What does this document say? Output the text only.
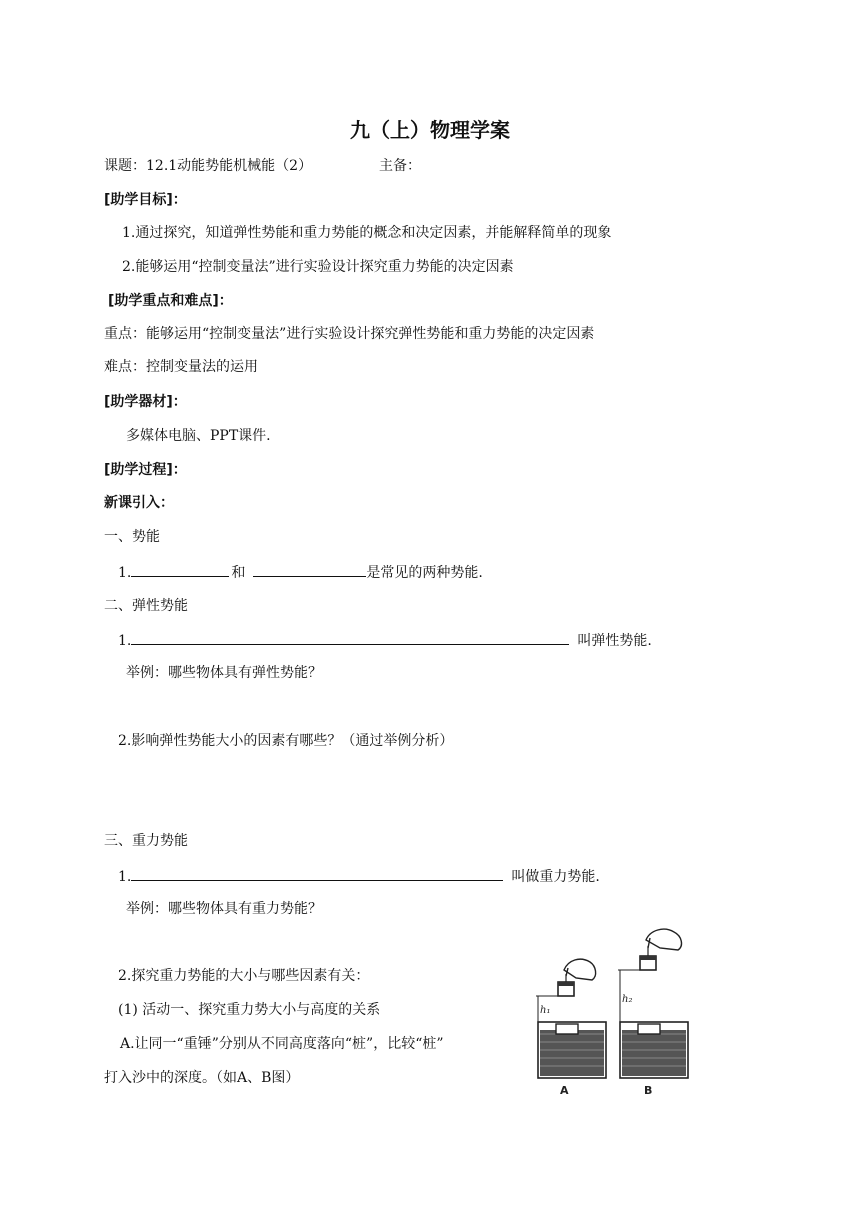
九（上）物理学案
课题：12.1动能势能机械能（2）	主备：
[助学目标]：
1.通过探究，知道弹性势能和重力势能的概念和决定因素，并能解释简单的现象
2.能够运用“控制变量法”进行实验设计探究重力势能的决定因素
[助学重点和难点]：
重点：能够运用“控制变量法”进行实验设计探究弹性势能和重力势能的决定因素
难点：控制变量法的运用
[助学器材]：
多媒体电脑、PPT课件.
[助学过程]：
新课引入：
一、势能
1.	和	是常见的两种势能.
二、弹性势能
1.	叫弹性势能.
举例：哪些物体具有弹性势能？
2.影响弹性势能大小的因素有哪些？（通过举例分析）
三、重力势能
1.	叫做重力势能.
举例：哪些物体具有重力势能？
2.探究重力势能的大小与哪些因素有关：
(1) 活动一、探究重力势大小与高度的关系
A.让同一“重锤”分别从不同高度落向“桩”，比较“桩”
打入沙中的深度。（如A、B图）
h₁
A
h₂
B
